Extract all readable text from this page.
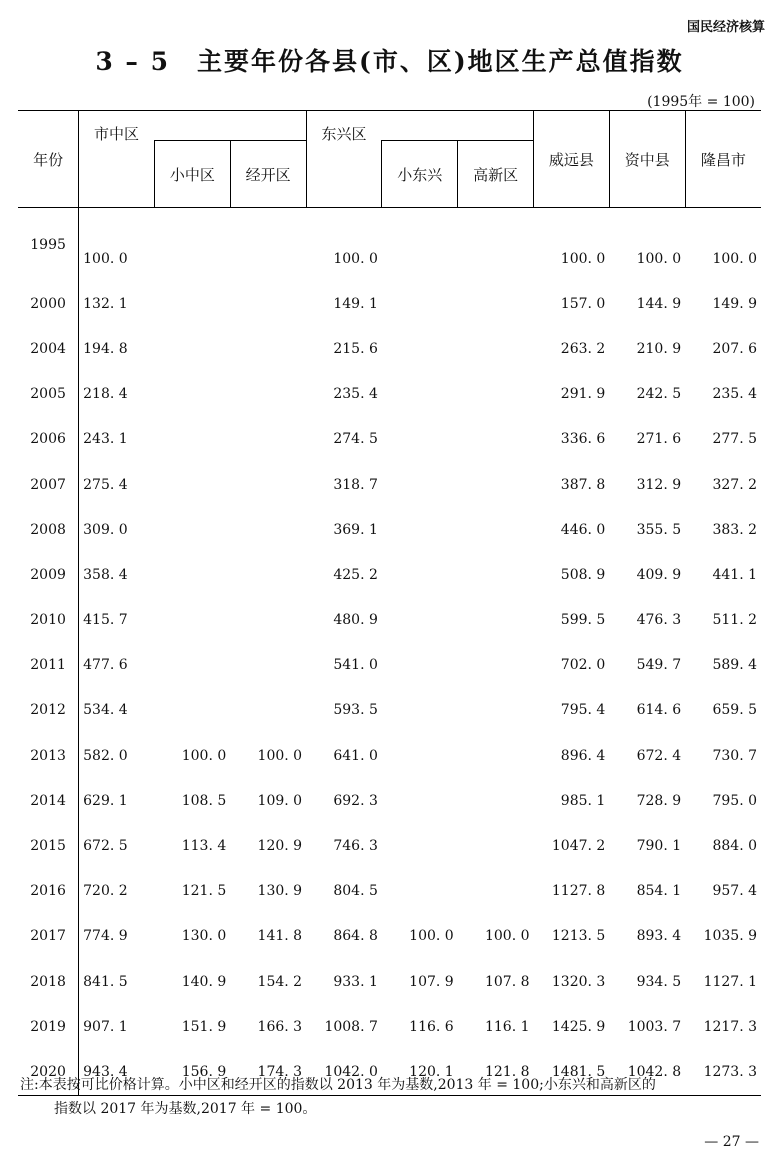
国民经济核算
3 – 5　主要年份各县(市、区)地区生产总值指数
(1995年 = 100)
年份	市中区			东兴区			威远县	资中县	隆昌市
		小中区	经开区		小东兴	高新区			
1995	100. 0			100. 0			100. 0	100. 0	100. 0
2000	132. 1			149. 1			157. 0	144. 9	149. 9
2004	194. 8			215. 6			263. 2	210. 9	207. 6
2005	218. 4			235. 4			291. 9	242. 5	235. 4
2006	243. 1			274. 5			336. 6	271. 6	277. 5
2007	275. 4			318. 7			387. 8	312. 9	327. 2
2008	309. 0			369. 1			446. 0	355. 5	383. 2
2009	358. 4			425. 2			508. 9	409. 9	441. 1
2010	415. 7			480. 9			599. 5	476. 3	511. 2
2011	477. 6			541. 0			702. 0	549. 7	589. 4
2012	534. 4			593. 5			795. 4	614. 6	659. 5
2013	582. 0	100. 0	100. 0	641. 0			896. 4	672. 4	730. 7
2014	629. 1	108. 5	109. 0	692. 3			985. 1	728. 9	795. 0
2015	672. 5	113. 4	120. 9	746. 3			1047. 2	790. 1	884. 0
2016	720. 2	121. 5	130. 9	804. 5			1127. 8	854. 1	957. 4
2017	774. 9	130. 0	141. 8	864. 8	100. 0	100. 0	1213. 5	893. 4	1035. 9
2018	841. 5	140. 9	154. 2	933. 1	107. 9	107. 8	1320. 3	934. 5	1127. 1
2019	907. 1	151. 9	166. 3	1008. 7	116. 6	116. 1	1425. 9	1003. 7	1217. 3
2020	943. 4	156. 9	174. 3	1042. 0	120. 1	121. 8	1481. 5	1042. 8	1273. 3
注:本表按可比价格计算。小中区和经开区的指数以 2013 年为基数,2013 年 = 100;小东兴和高新区的
指数以 2017 年为基数,2017 年 = 100。
— 27 —
